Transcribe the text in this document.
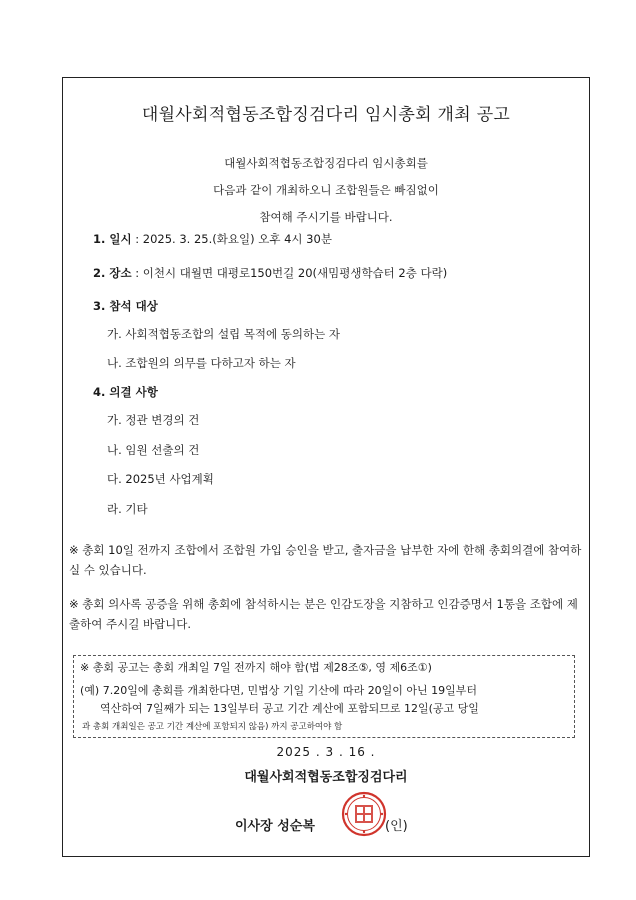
대월사회적협동조합징검다리 임시총회 개최 공고
대월사회적협동조합징검다리 임시총회를
다음과 같이 개최하오니 조합원들은 빠짐없이
참여해 주시기를 바랍니다.
1. 일시 : 2025. 3. 25.(화요일) 오후 4시 30분
2. 장소 : 이천시 대월면 대평로150번길 20(새밈평생학습터 2층 다락)
3. 참석 대상
가. 사회적협동조합의 설립 목적에 동의하는 자
나. 조합원의 의무를 다하고자 하는 자
4. 의결 사항
가. 정관 변경의 건
나. 임원 선출의 건
다. 2025년 사업계획
라. 기타
※ 총회 10일 전까지 조합에서 조합원 가입 승인을 받고, 출자금을 납부한 자에 한해 총회의결에 참여하실 수 있습니다.
※ 총회 의사록 공증을 위해 총회에 참석하시는 분은 인감도장을 지참하고 인감증명서 1통을 조합에 제출하여 주시길 바랍니다.
※ 총회 공고는 총회 개최일 7일 전까지 해야 함(법 제28조⑤, 영 제6조①)
(예) 7.20일에 총회를 개최한다면, 민법상 기일 기산에 따라 20일이 아닌 19일부터
역산하여 7일째가 되는 13일부터 공고 기간 계산에 포함되므로 12일(공고 당일
과 총회 개최일은 공고 기간 계산에 포함되지 않음) 까지 공고하여야 함
2025 . 3 . 16 .
대월사회적협동조합징검다리
이사장 성순복	(인)
